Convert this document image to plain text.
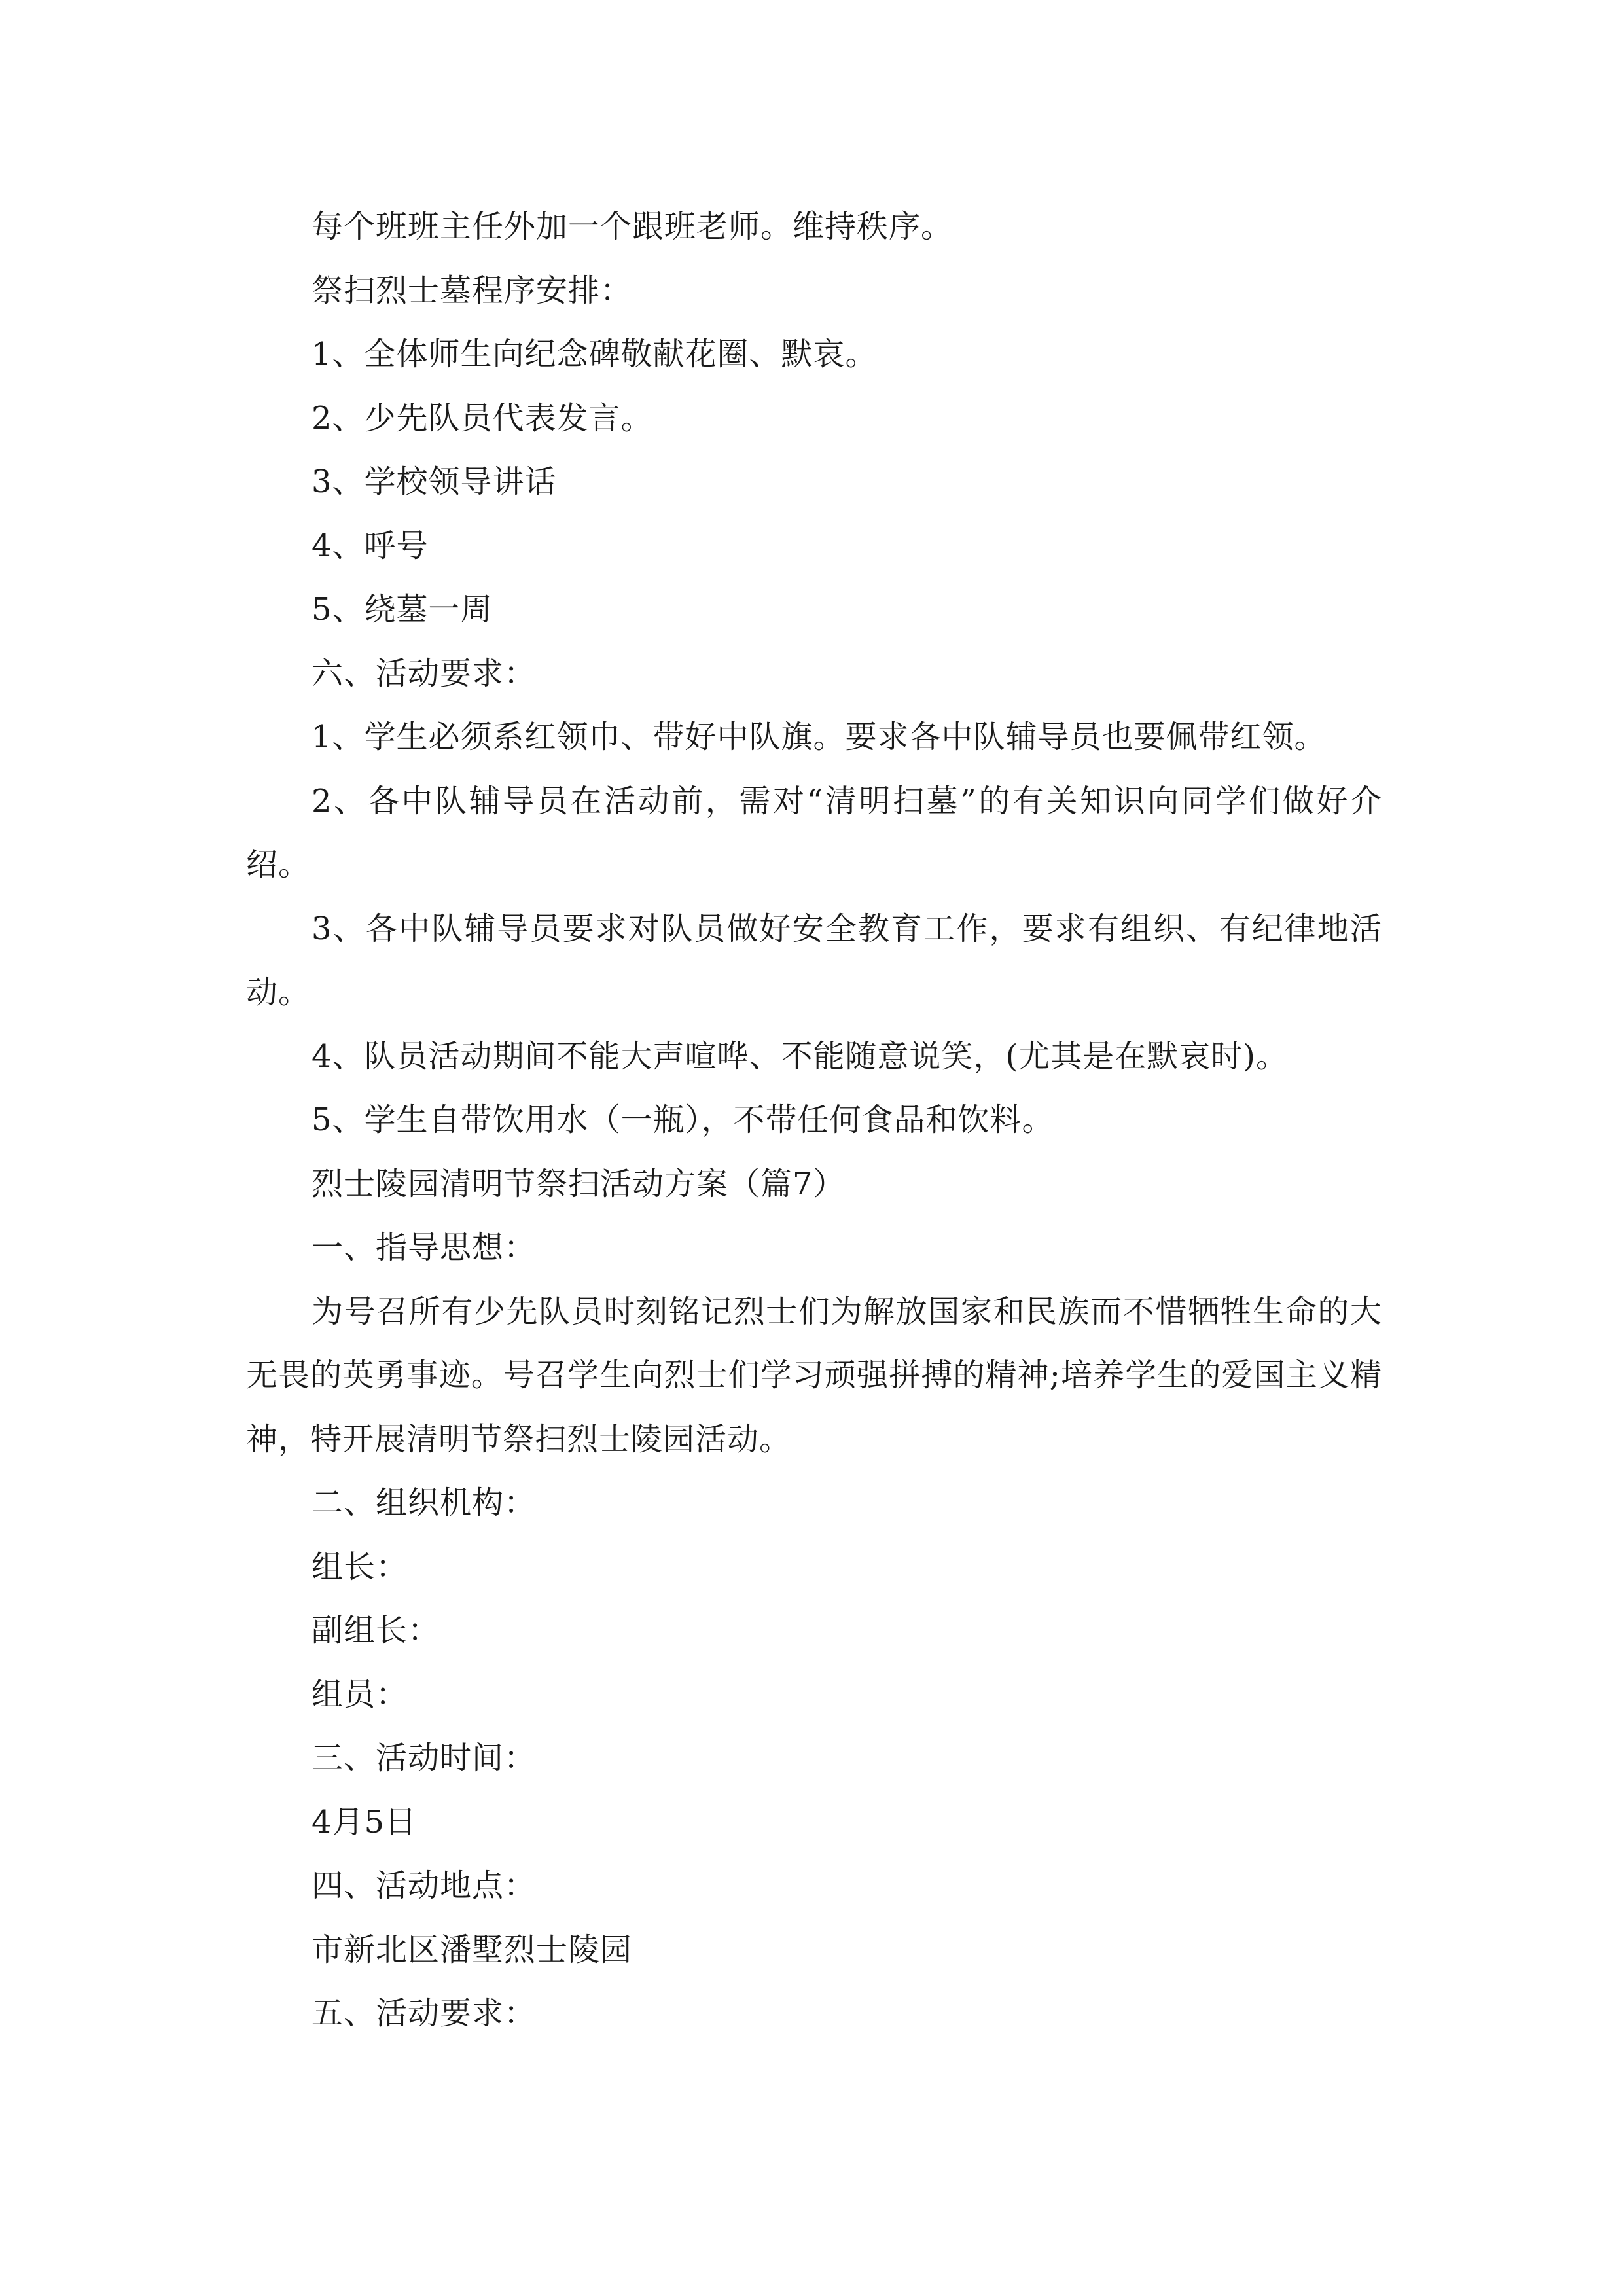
每个班班主任外加一个跟班老师。维持秩序。

祭扫烈士墓程序安排：

1、全体师生向纪念碑敬献花圈、默哀。

2、少先队员代表发言。

3、学校领导讲话

4、呼号

5、绕墓一周

六、活动要求：

1、学生必须系红领巾、带好中队旗。要求各中队辅导员也要佩带红领。

2、各中队辅导员在活动前，需对“清明扫墓”的有关知识向同学们做好介绍。

3、各中队辅导员要求对队员做好安全教育工作，要求有组织、有纪律地活动。

4、队员活动期间不能大声喧哗、不能随意说笑，(尤其是在默哀时)。

5、学生自带饮用水（一瓶），不带任何食品和饮料。

烈士陵园清明节祭扫活动方案（篇7）

一、指导思想：

为号召所有少先队员时刻铭记烈士们为解放国家和民族而不惜牺牲生命的大无畏的英勇事迹。号召学生向烈士们学习顽强拼搏的精神;培养学生的爱国主义精神，特开展清明节祭扫烈士陵园活动。

二、组织机构：

组长：

副组长：

组员：

三、活动时间：

4月5日

四、活动地点：

市新北区潘墅烈士陵园

五、活动要求：
